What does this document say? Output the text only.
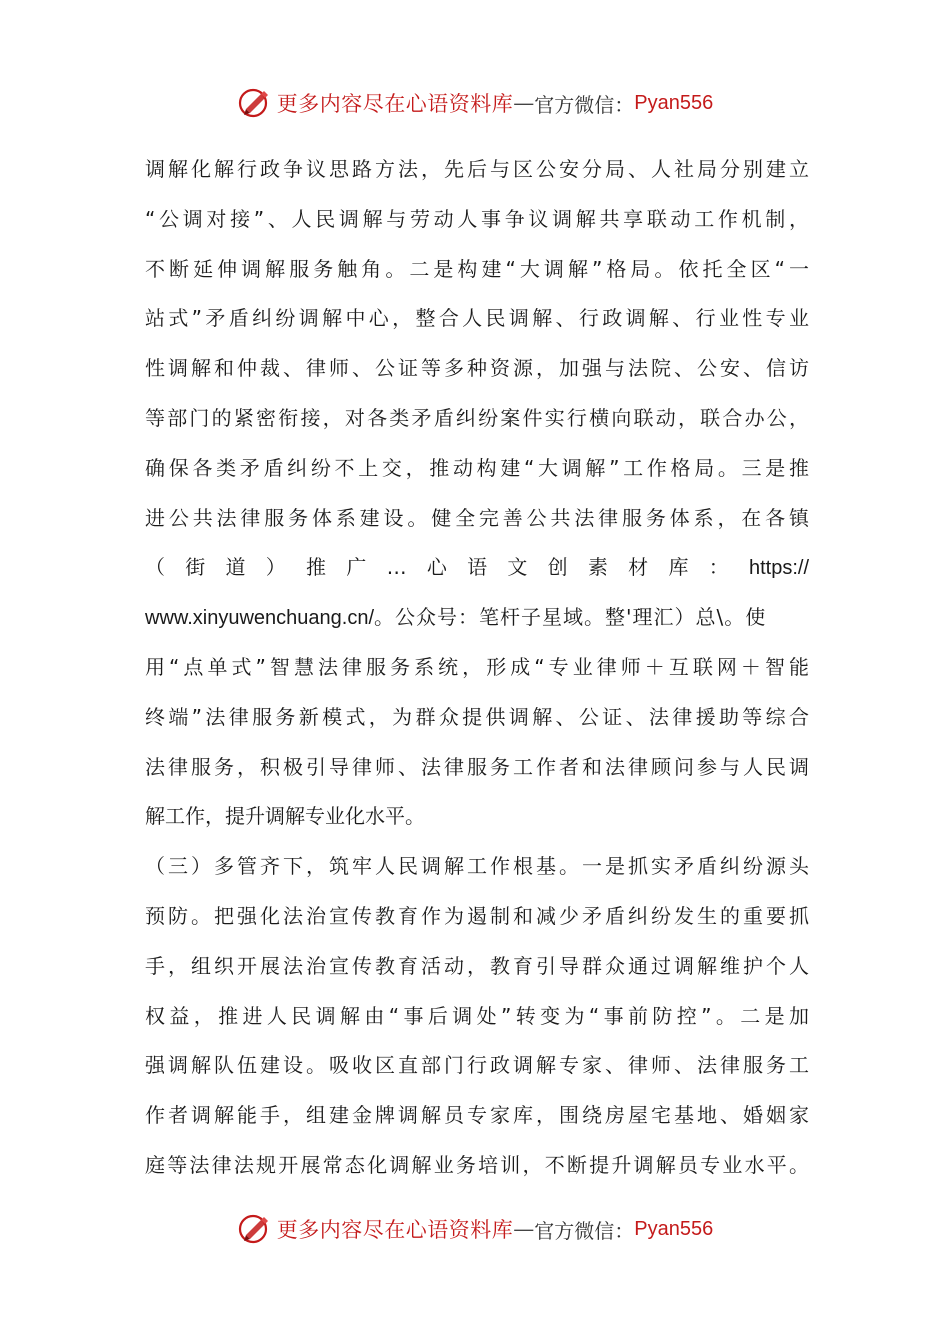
更多内容尽在心语资料库 — 官方微信： Pyan556
调解化解行政争议思路方法，先后与区公安分局、人社局分别建立
“公调对接”、人民调解与劳动人事争议调解共享联动工作机制，
不断延伸调解服务触角。二是构建“大调解”格局。依托全区“一
站式”矛盾纠纷调解中心，整合人民调解、行政调解、行业性专业
性调解和仲裁、律师、公证等多种资源，加强与法院、公安、信访
等部门的紧密衔接，对各类矛盾纠纷案件实行横向联动，联合办公，
确保各类矛盾纠纷不上交，推动构建“大调解”工作格局。三是推
进公共法律服务体系建设。健全完善公共法律服务体系，在各镇
（街道）推广…心语文创素材库：https://
www.xinyuwenchuang.cn/。公众号：笔杆子星域。整'理汇）总\。使
用“点单式”智慧法律服务系统，形成“专业律师＋互联网＋智能
终端”法律服务新模式，为群众提供调解、公证、法律援助等综合
法律服务，积极引导律师、法律服务工作者和法律顾问参与人民调
解工作，提升调解专业化水平。
（三）多管齐下，筑牢人民调解工作根基。一是抓实矛盾纠纷源头
预防。把强化法治宣传教育作为遏制和减少矛盾纠纷发生的重要抓
手，组织开展法治宣传教育活动，教育引导群众通过调解维护个人
权益，推进人民调解由“事后调处”转变为“事前防控”。二是加
强调解队伍建设。吸收区直部门行政调解专家、律师、法律服务工
作者调解能手，组建金牌调解员专家库，围绕房屋宅基地、婚姻家
庭等法律法规开展常态化调解业务培训，不断提升调解员专业水平。
更多内容尽在心语资料库 — 官方微信： Pyan556
